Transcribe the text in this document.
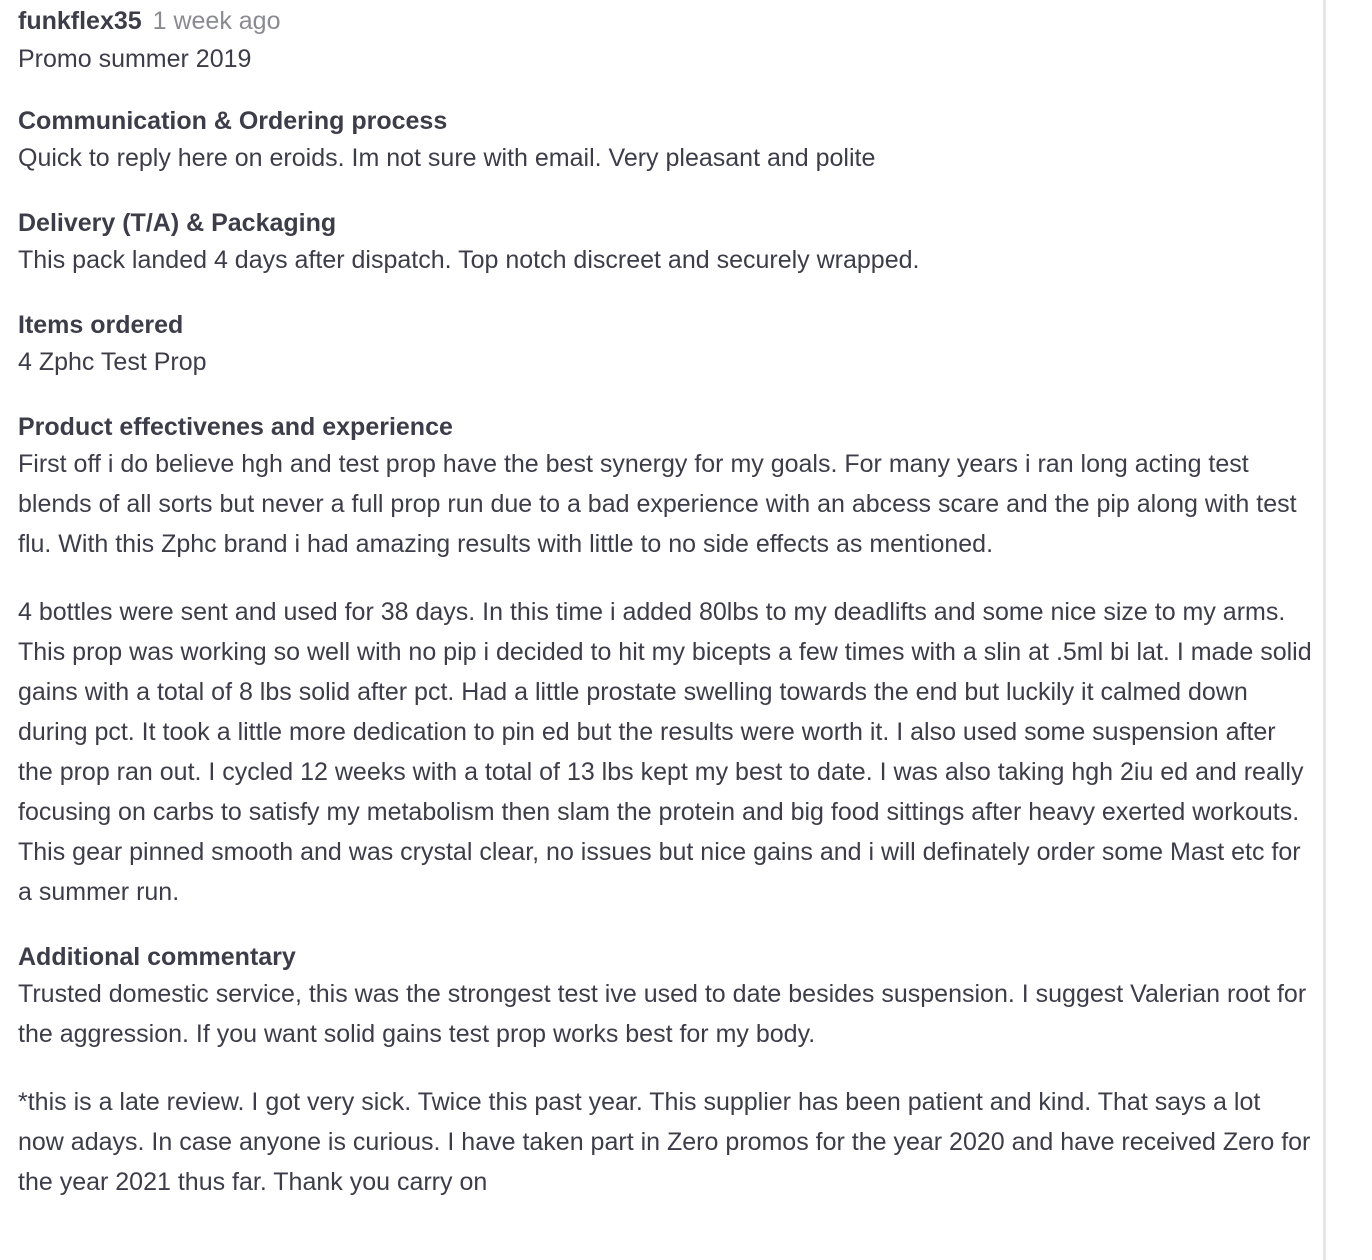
funkflex35 1 week ago
Promo summer 2019
Communication & Ordering process

Quick to reply here on eroids. Im not sure with email. Very pleasant and polite

Delivery (T/A) & Packaging

This pack landed 4 days after dispatch. Top notch discreet and securely wrapped.

Items ordered

4 Zphc Test Prop

Product effectivenes and experience

First off i do believe hgh and test prop have the best synergy for my goals. For many years i ran long acting test blends of all sorts but never a full prop run due to a bad experience with an abcess scare and the pip along with test flu. With this Zphc brand i had amazing results with little to no side effects as mentioned.

4 bottles were sent and used for 38 days. In this time i added 80lbs to my deadlifts and some nice size to my arms. This prop was working so well with no pip i decided to hit my bicepts a few times with a slin at .5ml bi lat. I made solid gains with a total of 8 lbs solid after pct. Had a little prostate swelling towards the end but luckily it calmed down during pct. It took a little more dedication to pin ed but the results were worth it. I also used some suspension after the prop ran out. I cycled 12 weeks with a total of 13 lbs kept my best to date. I was also taking hgh 2iu ed and really focusing on carbs to satisfy my metabolism then slam the protein and big food sittings after heavy exerted workouts. This gear pinned smooth and was crystal clear, no issues but nice gains and i will definately order some Mast etc for a summer run.

Additional commentary

Trusted domestic service, this was the strongest test ive used to date besides suspension. I suggest Valerian root for the aggression. If you want solid gains test prop works best for my body.

*this is a late review. I got very sick. Twice this past year. This supplier has been patient and kind. That says a lot now adays. In case anyone is curious. I have taken part in Zero promos for the year 2020 and have received Zero for the year 2021 thus far. Thank you carry on
